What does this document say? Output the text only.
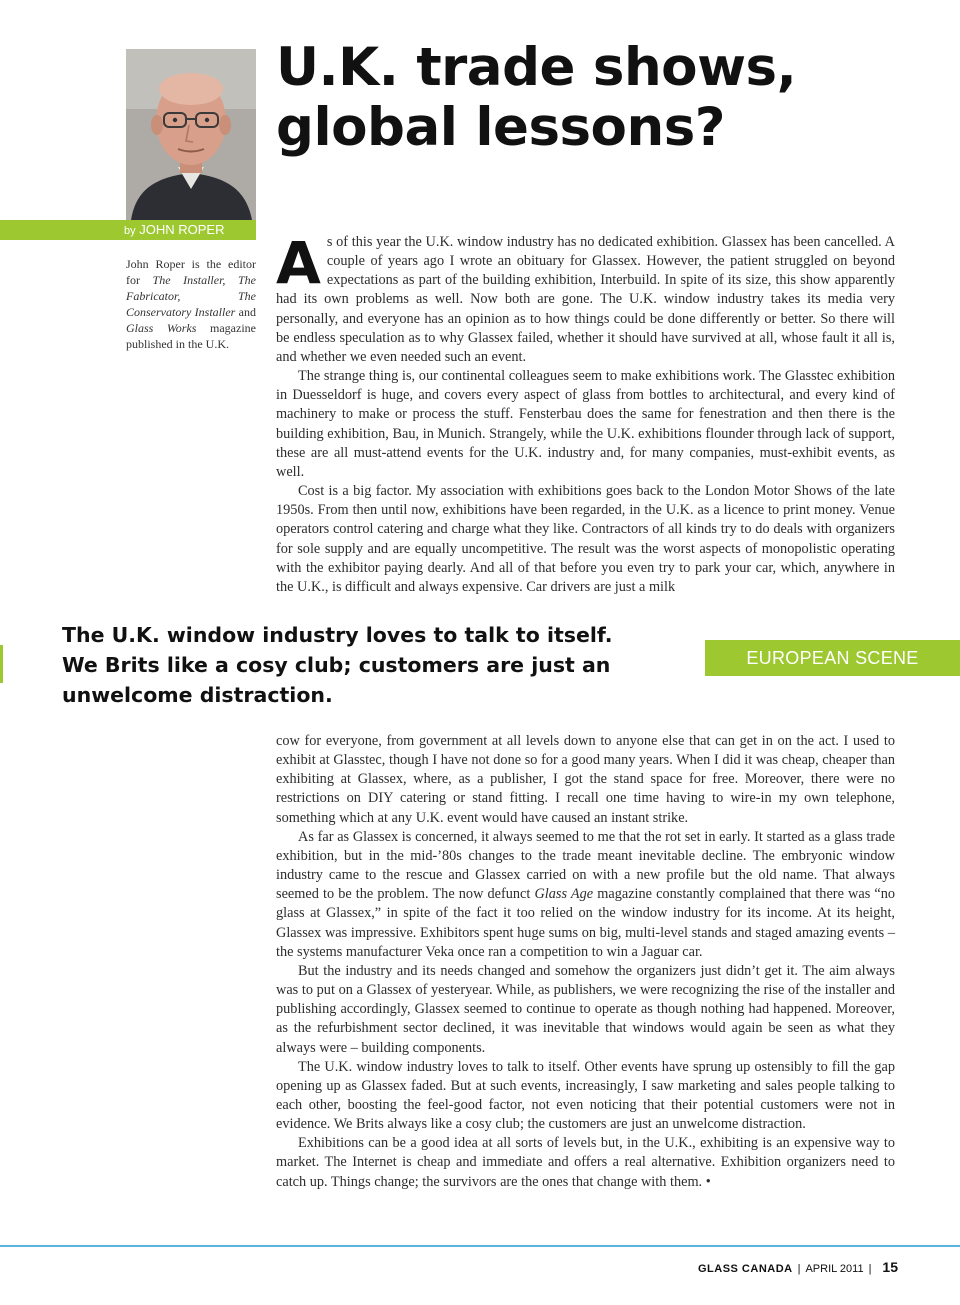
by JOHN ROPER
John Roper is the editor for The Installer, The Fabricator, The Conservatory Installer and Glass Works magazine published in the U.K.
U.K. trade shows,
global lessons?

As of this year the U.K. window industry has no dedicated exhibition. Glassex has been cancelled. A couple of years ago I wrote an obituary for Glassex. However, the patient struggled on beyond expectations as part of the building exhibition, Interbuild. In spite of its size, this show apparently had its own problems as well. Now both are gone. The U.K. window industry takes its media very personally, and everyone has an opinion as to how things could be done differently or better. So there will be endless speculation as to why Glassex failed, whether it should have survived at all, whose fault it all is, and whether we even needed such an event.

The strange thing is, our continental colleagues seem to make exhibitions work. The Glasstec exhibition in Duesseldorf is huge, and covers every aspect of glass from bottles to architectural, and every kind of machinery to make or process the stuff. Fensterbau does the same for fenestration and then there is the building exhibition, Bau, in Munich. Strangely, while the U.K. exhibitions flounder through lack of support, these are all must-attend events for the U.K. industry and, for many companies, must-exhibit events, as well.

Cost is a big factor. My association with exhibitions goes back to the London Motor Shows of the late 1950s. From then until now, exhibitions have been regarded, in the U.K. as a licence to print money. Venue operators control catering and charge what they like. Contractors of all kinds try to do deals with organizers for sole supply and are equally uncompetitive. The result was the worst aspects of monopolistic operating with the exhibitor paying dearly. And all of that before you even try to park your car, which, anywhere in the U.K., is difficult and always expensive. Car drivers are just a milk

The U.K. window industry loves to talk to itself.
We Brits like a cosy club; customers are just an
unwelcome distraction.
EUROPEAN SCENE

cow for everyone, from government at all levels down to anyone else that can get in on the act. I used to exhibit at Glasstec, though I have not done so for a good many years. When I did it was cheap, cheaper than exhibiting at Glassex, where, as a publisher, I got the stand space for free. Moreover, there were no restrictions on DIY catering or stand fitting. I recall one time having to wire-in my own telephone, something which at any U.K. event would have caused an instant strike.

As far as Glassex is concerned, it always seemed to me that the rot set in early. It started as a glass trade exhibition, but in the mid-’80s changes to the trade meant inevitable decline. The embryonic window industry came to the rescue and Glassex carried on with a new profile but the old name. That always seemed to be the problem. The now defunct Glass Age magazine constantly complained that there was “no glass at Glassex,” in spite of the fact it too relied on the window industry for its income. At its height, Glassex was impressive. Exhibitors spent huge sums on big, multi-level stands and staged amazing events – the systems manufacturer Veka once ran a competition to win a Jaguar car.

But the industry and its needs changed and somehow the organizers just didn’t get it. The aim always was to put on a Glassex of yesteryear. While, as publishers, we were recognizing the rise of the installer and publishing accordingly, Glassex seemed to continue to operate as though nothing had happened. Moreover, as the refurbishment sector declined, it was inevitable that windows would again be seen as what they always were – building components.

The U.K. window industry loves to talk to itself. Other events have sprung up ostensibly to fill the gap opening up as Glassex faded. But at such events, increasingly, I saw marketing and sales people talking to each other, boosting the feel-good factor, not even noticing that their potential customers were not in evidence. We Brits always like a cosy club; the customers are just an unwelcome distraction.

Exhibitions can be a good idea at all sorts of levels but, in the U.K., exhibiting is an expensive way to market. The Internet is cheap and immediate and offers a real alternative. Exhibition organizers need to catch up. Things change; the survivors are the ones that change with them. •

GLASS CANADA | APRIL 2011 | 15
